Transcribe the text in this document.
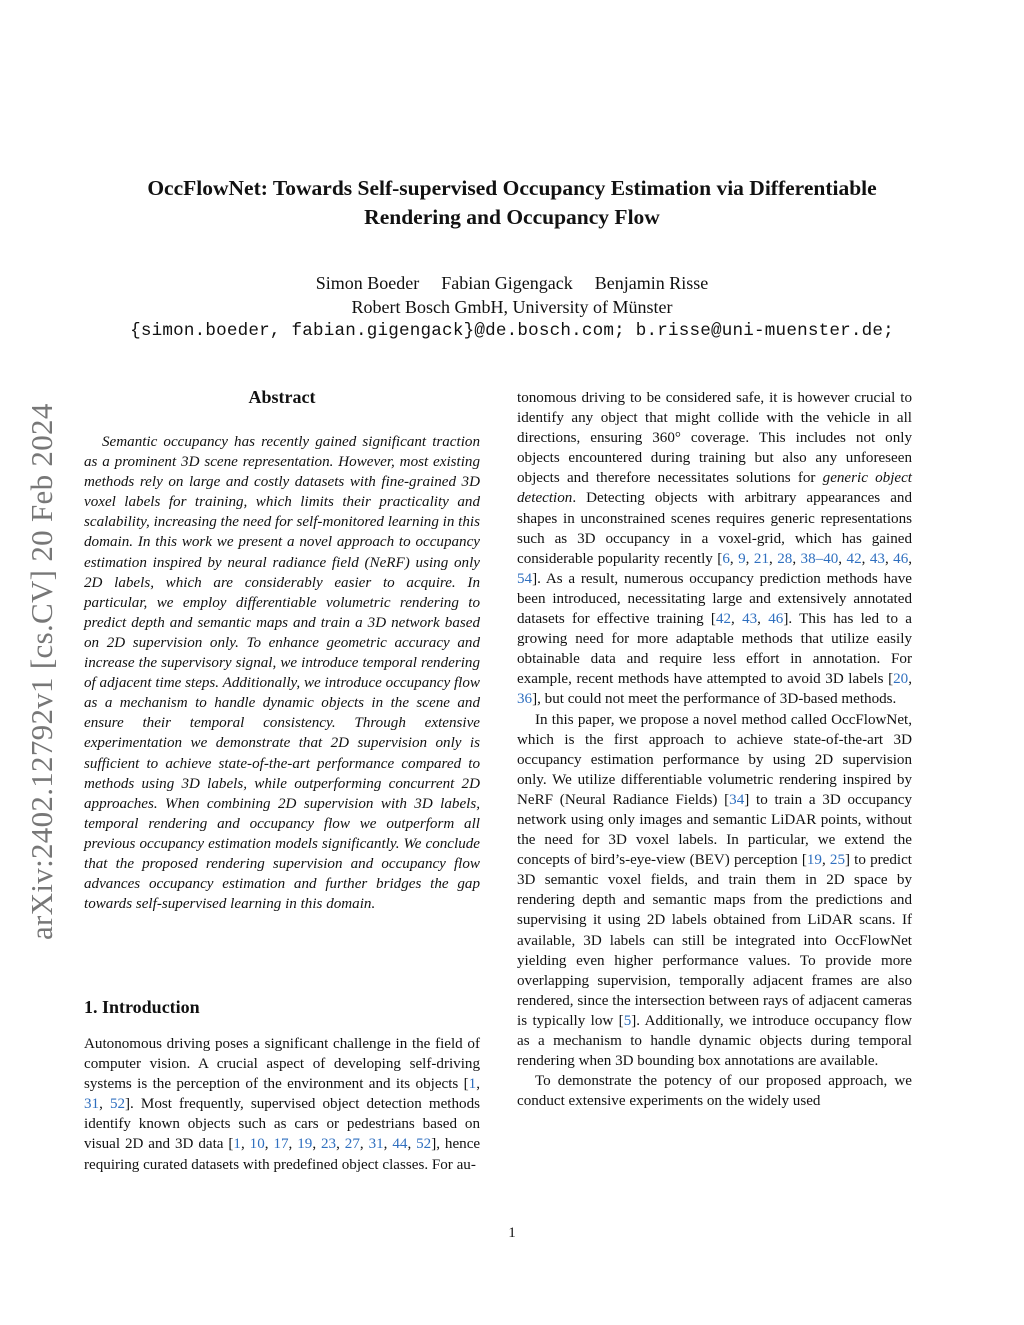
arXiv:2402.12792v1 [cs.CV] 20 Feb 2024
OccFlowNet: Towards Self-supervised Occupancy Estimation via Differentiable
Rendering and Occupancy Flow
Simon Boeder Fabian Gigengack Benjamin Risse
Robert Bosch GmbH, University of Münster
{simon.boeder, fabian.gigengack}@de.bosch.com; b.risse@uni-muenster.de;
Abstract

Semantic occupancy has recently gained significant traction as a prominent 3D scene representation. However, most existing methods rely on large and costly datasets with fine-grained 3D voxel labels for training, which limits their practicality and scalability, increasing the need for self-monitored learning in this domain. In this work we present a novel approach to occupancy estimation inspired by neural radiance field (NeRF) using only 2D labels, which are considerably easier to acquire. In particular, we employ differentiable volumetric rendering to predict depth and semantic maps and train a 3D network based on 2D supervision only. To enhance geometric accuracy and increase the supervisory signal, we introduce temporal rendering of adjacent time steps. Additionally, we introduce occupancy flow as a mechanism to handle dynamic objects in the scene and ensure their temporal consistency. Through extensive experimentation we demonstrate that 2D supervision only is sufficient to achieve state-of-the-art performance compared to methods using 3D labels, while outperforming concurrent 2D approaches. When combining 2D supervision with 3D labels, temporal rendering and occupancy flow we outperform all previous occupancy estimation models significantly. We conclude that the proposed rendering supervision and occupancy flow advances occupancy estimation and further bridges the gap towards self-supervised learning in this domain.

1. Introduction

Autonomous driving poses a significant challenge in the field of computer vision. A crucial aspect of developing self-driving systems is the perception of the environment and its objects [1, 31, 52]. Most frequently, supervised object detection methods identify known objects such as cars or pedestrians based on visual 2D and 3D data [1, 10, 17, 19, 23, 27, 31, 44, 52], hence requiring curated datasets with predefined object classes. For au-

tonomous driving to be considered safe, it is however crucial to identify any object that might collide with the vehicle in all directions, ensuring 360° coverage. This includes not only objects encountered during training but also any unforeseen objects and therefore necessitates solutions for generic object detection. Detecting objects with arbitrary appearances and shapes in unconstrained scenes requires generic representations such as 3D occupancy in a voxel-grid, which has gained considerable popularity recently [6, 9, 21, 28, 38–40, 42, 43, 46, 54]. As a result, numerous occupancy prediction methods have been introduced, necessitating large and extensively annotated datasets for effective training [42, 43, 46]. This has led to a growing need for more adaptable methods that utilize easily obtainable data and require less effort in annotation. For example, recent methods have attempted to avoid 3D labels [20, 36], but could not meet the performance of 3D-based methods.

In this paper, we propose a novel method called OccFlowNet, which is the first approach to achieve state-of-the-art 3D occupancy estimation performance by using 2D supervision only. We utilize differentiable volumetric rendering inspired by NeRF (Neural Radiance Fields) [34] to train a 3D occupancy network using only images and semantic LiDAR points, without the need for 3D voxel labels. In particular, we extend the concepts of bird’s-eye-view (BEV) perception [19, 25] to predict 3D semantic voxel fields, and train them in 2D space by rendering depth and semantic maps from the predictions and supervising it using 2D labels obtained from LiDAR scans. If available, 3D labels can still be integrated into OccFlowNet yielding even higher performance values. To provide more overlapping supervision, temporally adjacent frames are also rendered, since the intersection between rays of adjacent cameras is typically low [5]. Additionally, we introduce occupancy flow as a mechanism to handle dynamic objects during temporal rendering when 3D bounding box annotations are available.

To demonstrate the potency of our proposed approach, we conduct extensive experiments on the widely used

1
